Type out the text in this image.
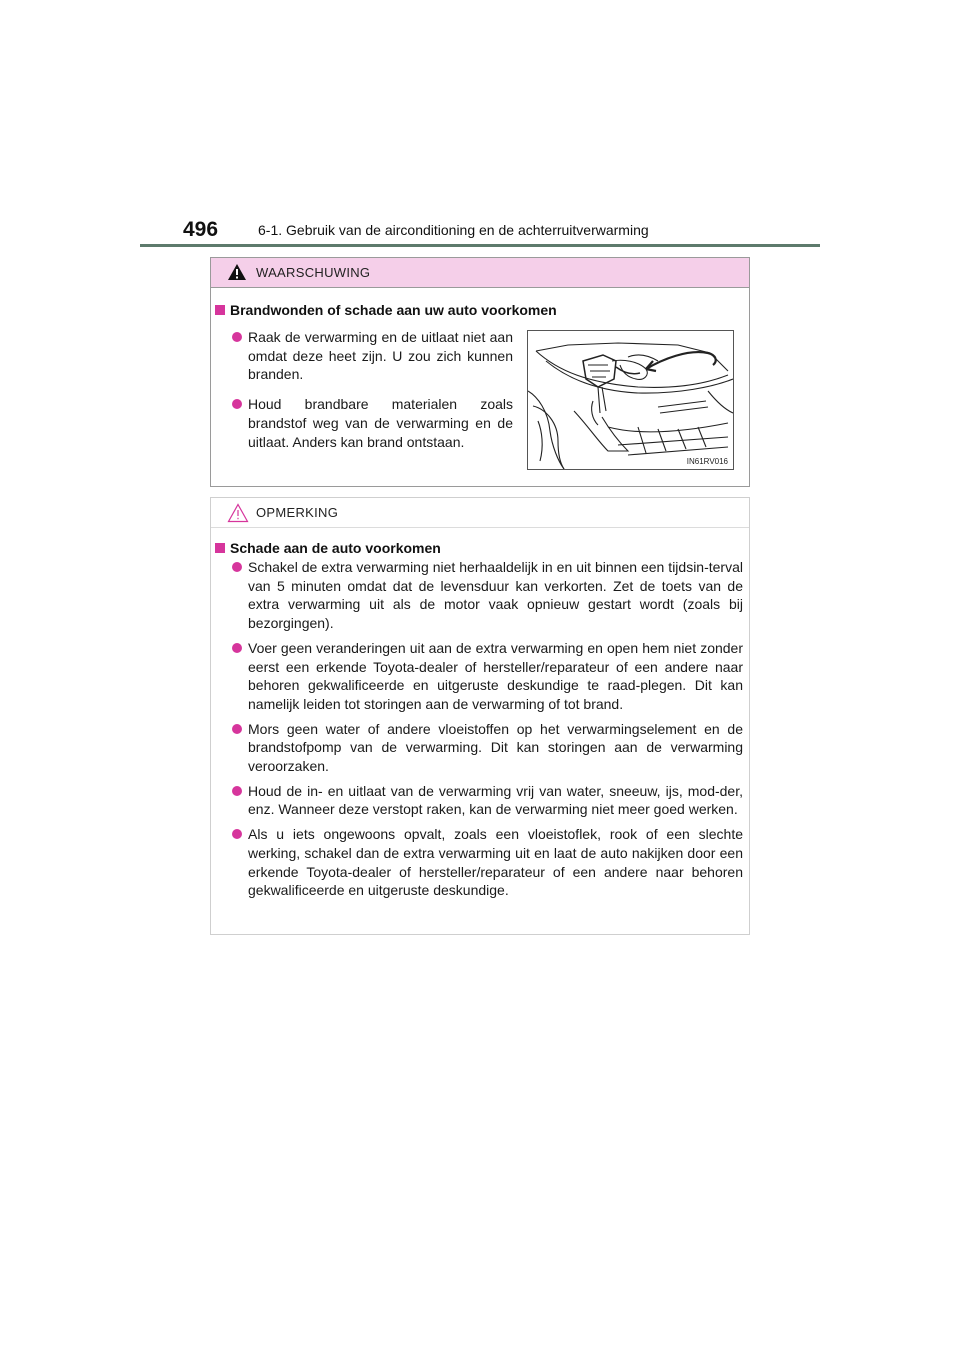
496	6-1. Gebruik van de airconditioning en de achterruitverwarming
WAARSCHUWING
Brandwonden of schade aan uw auto voorkomen
Raak de verwarming en de uitlaat niet aan omdat deze heet zijn. U zou zich kunnen branden.
Houd brandbare materialen zoals brandstof weg van de verwarming en de uitlaat. Anders kan brand ontstaan.
IN61RV016
OPMERKING
Schade aan de auto voorkomen
Schakel de extra verwarming niet herhaaldelijk in en uit binnen een tijdsin-terval van 5 minuten omdat dat de levensduur kan verkorten. Zet de toets van de extra verwarming uit als de motor vaak opnieuw gestart wordt (zoals bij bezorgingen).
Voer geen veranderingen uit aan de extra verwarming en open hem niet zonder eerst een erkende Toyota-dealer of hersteller/reparateur of een andere naar behoren gekwalificeerde en uitgeruste deskundige te raad-plegen. Dit kan namelijk leiden tot storingen aan de verwarming of tot brand.
Mors geen water of andere vloeistoffen op het verwarmingselement en de brandstofpomp van de verwarming. Dit kan storingen aan de verwarming veroorzaken.
Houd de in- en uitlaat van de verwarming vrij van water, sneeuw, ijs, mod-der, enz. Wanneer deze verstopt raken, kan de verwarming niet meer goed werken.
Als u iets ongewoons opvalt, zoals een vloeistoflek, rook of een slechte werking, schakel dan de extra verwarming uit en laat de auto nakijken door een erkende Toyota-dealer of hersteller/reparateur of een andere naar behoren gekwalificeerde en uitgeruste deskundige.
